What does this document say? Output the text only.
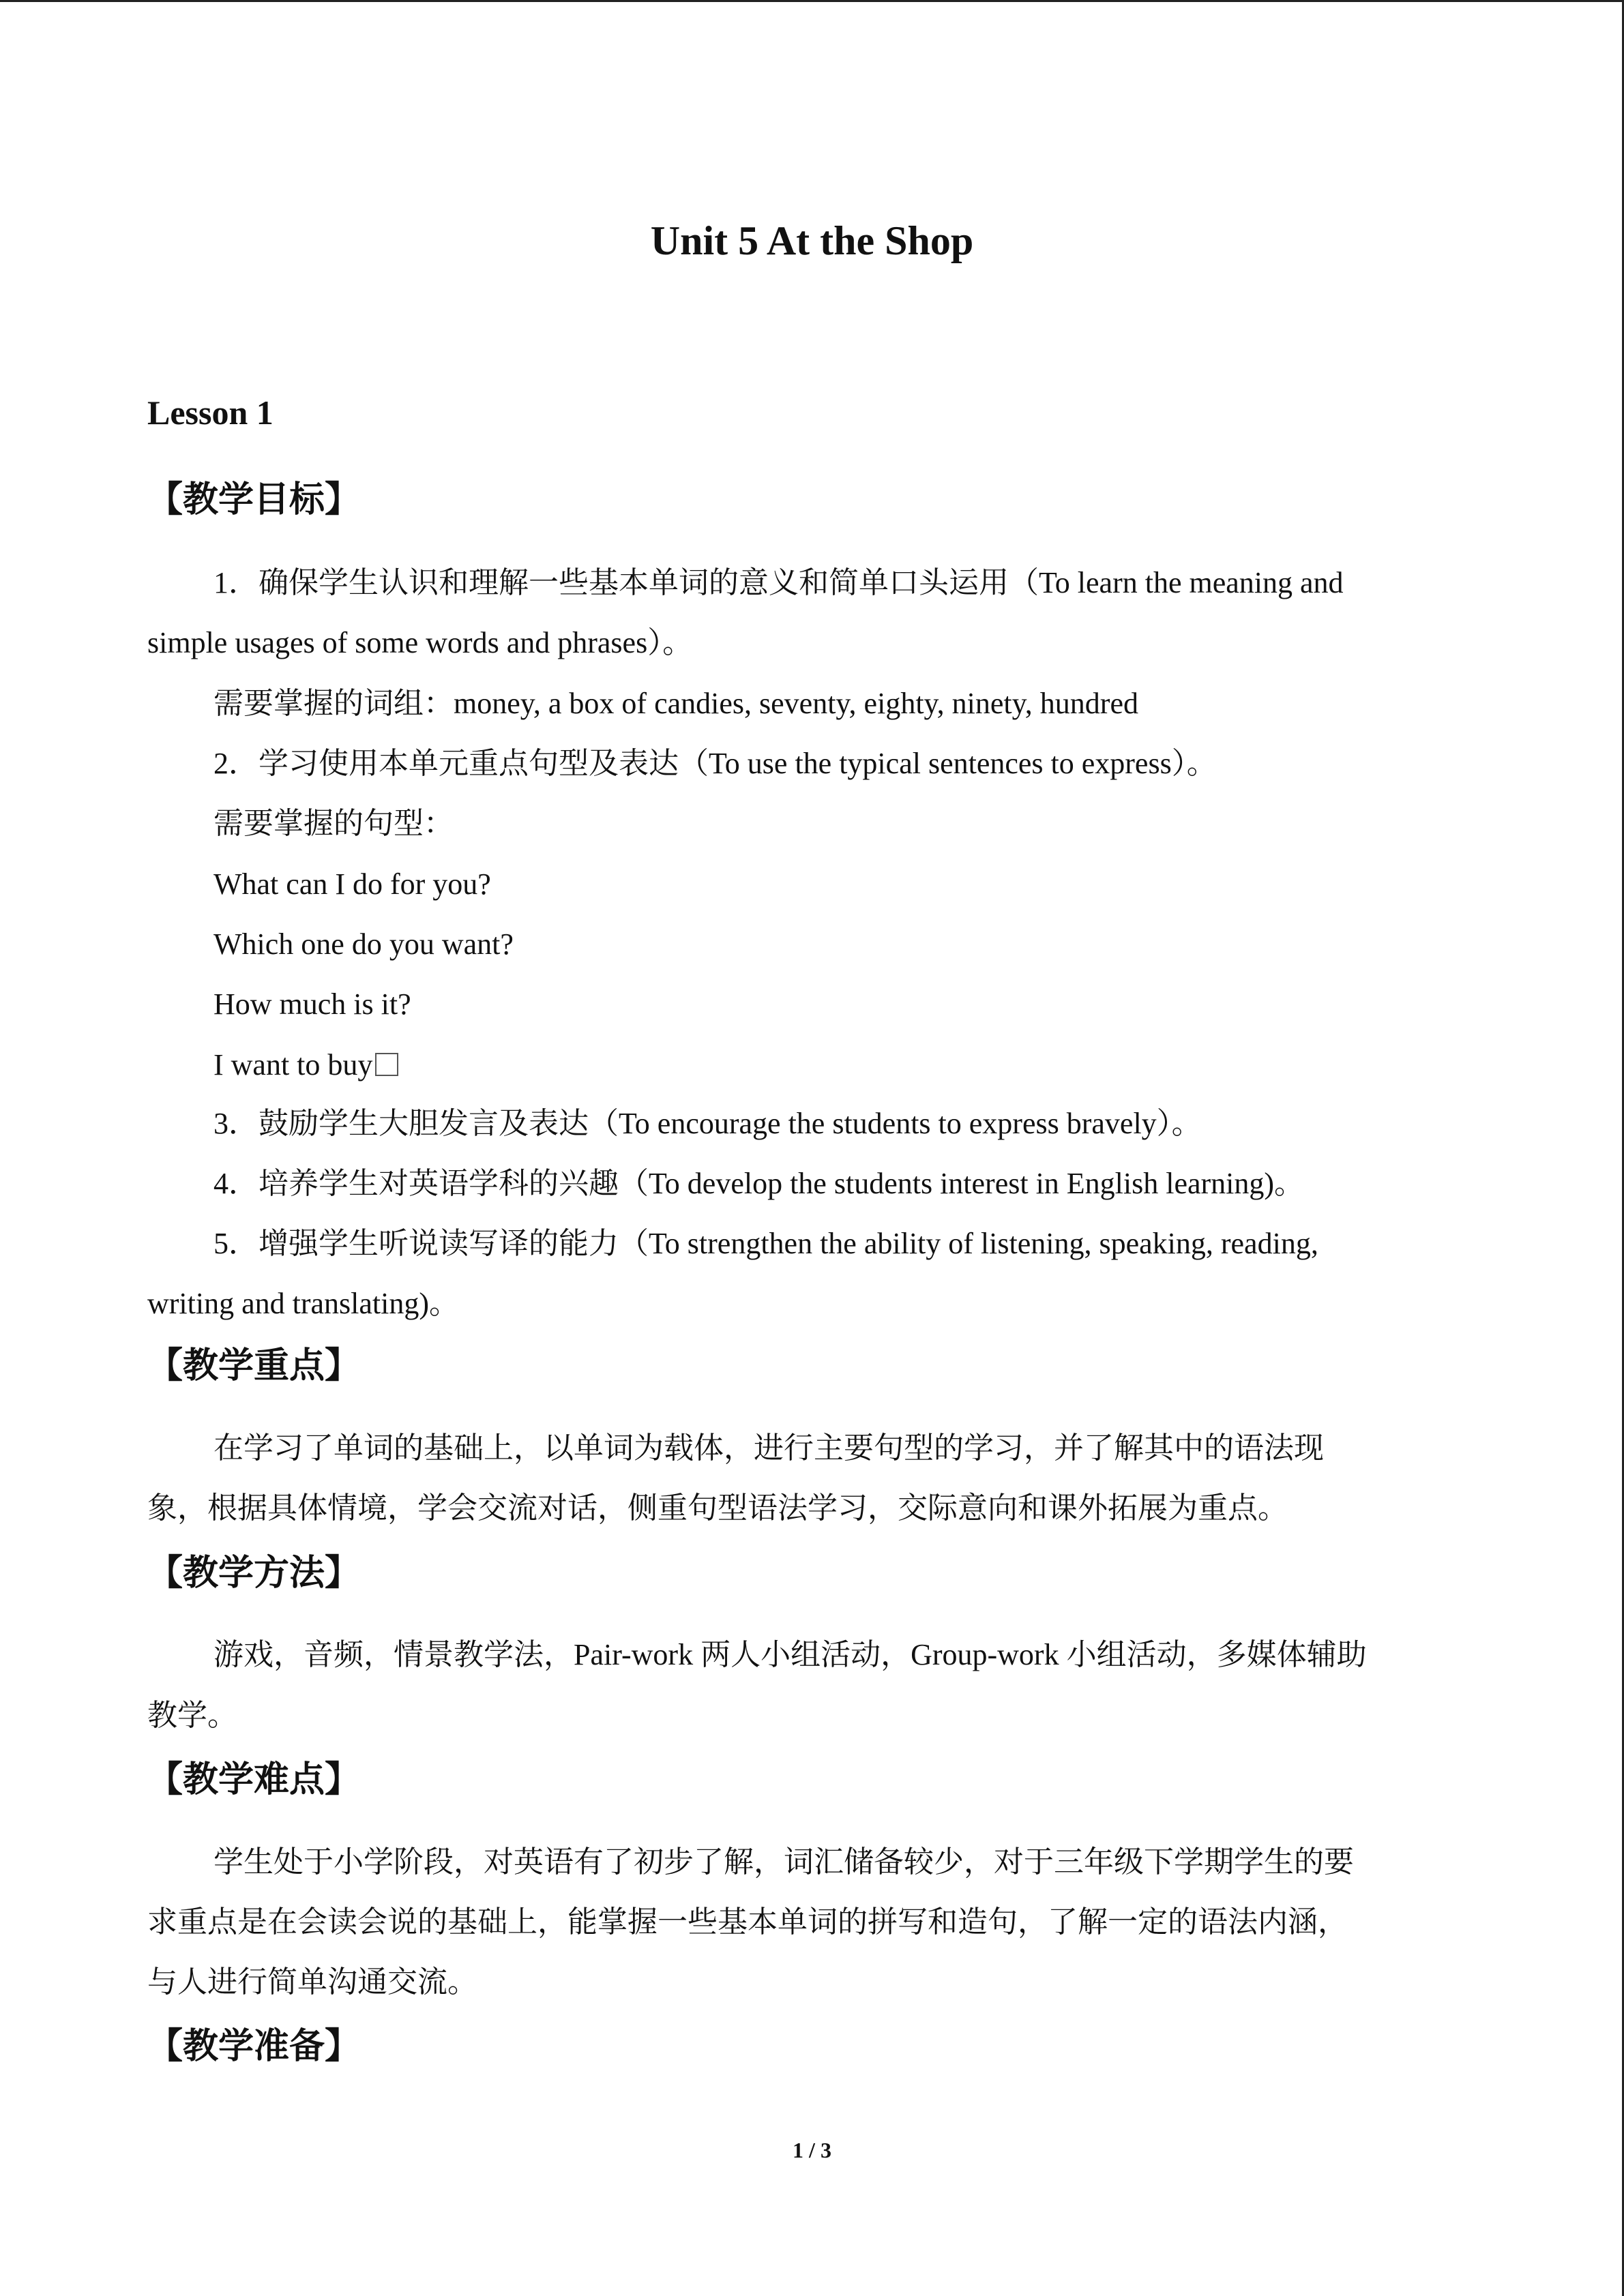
Unit 5 At the Shop
Lesson 1
【教学目标】
1．确保学生认识和理解一些基本单词的意义和简单口头运用（To learn the meaning and
simple usages of some words and phrases）。
需要掌握的词组：money, a box of candies, seventy, eighty, ninety, hundred
2．学习使用本单元重点句型及表达（To use the typical sentences to express）。
需要掌握的句型：
What can I do for you?
Which one do you want?
How much is it?
I want to buy
3．鼓励学生大胆发言及表达（To encourage the students to express bravely）。
4．培养学生对英语学科的兴趣（To develop the students interest in English learning)。
5．增强学生听说读写译的能力（To strengthen the ability of listening, speaking, reading,
writing and translating)。
【教学重点】
在学习了单词的基础上，以单词为载体，进行主要句型的学习，并了解其中的语法现
象，根据具体情境，学会交流对话，侧重句型语法学习，交际意向和课外拓展为重点。
【教学方法】
游戏，音频，情景教学法，Pair-work 两人小组活动，Group-work 小组活动，多媒体辅助
教学。
【教学难点】
学生处于小学阶段，对英语有了初步了解，词汇储备较少，对于三年级下学期学生的要
求重点是在会读会说的基础上，能掌握一些基本单词的拼写和造句，了解一定的语法内涵，
与人进行简单沟通交流。
【教学准备】
1 / 3
